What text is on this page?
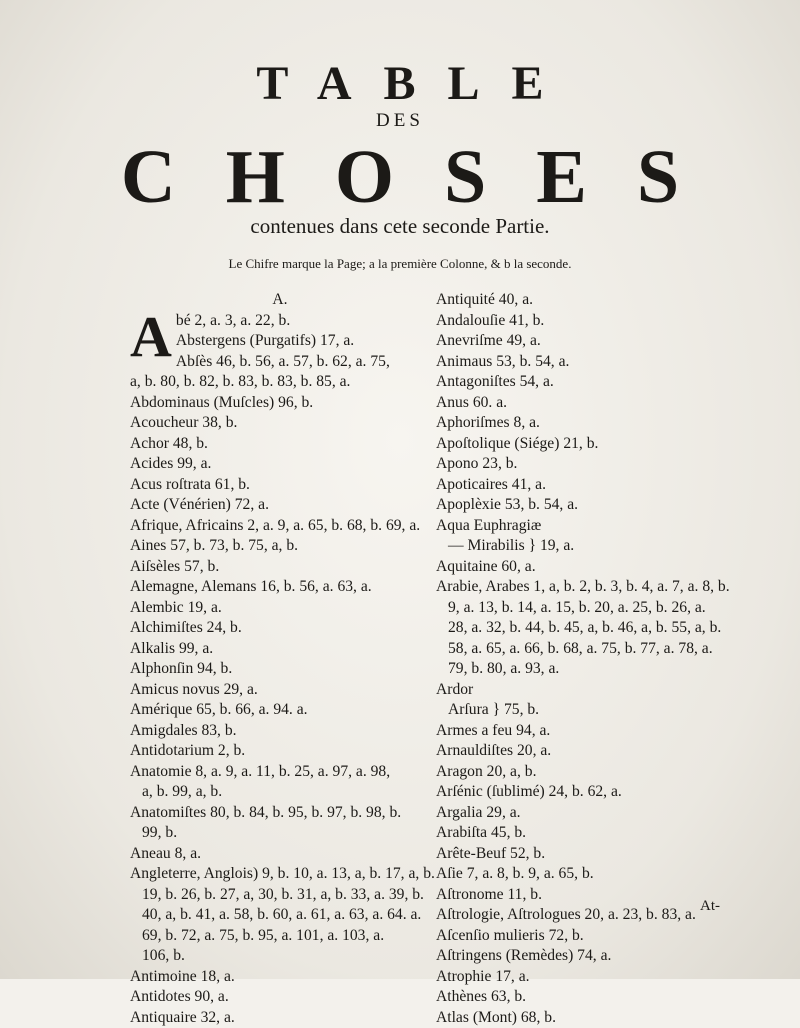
TABLE
DES
CHOSES
contenues dans cete seconde Partie.
Le Chifre marque la Page; a la première Colonne, & b la seconde.
A.
A bé 2, a. 3, a. 22, b.
Abstergens (Purgatifs) 17, a.
Abſès 46, b. 56, a. 57, b. 62, a. 75,
a, b. 80, b. 82, b. 83, b. 83, b. 85, a.
Abdominaus (Muſcles) 96, b.
Acoucheur 38, b.
Achor 48, b.
Acides 99, a.
Acus roſtrata 61, b.
Acte (Vénérien) 72, a.
Afrique, Africains 2, a. 9, a. 65, b. 68, b. 69, a.
Aines 57, b. 73, b. 75, a, b.
Aiſsèles 57, b.
Alemagne, Alemans 16, b. 56, a. 63, a.
Alembic 19, a.
Alchimiſtes 24, b.
Alkalis 99, a.
Alphonſin 94, b.
Amicus novus 29, a.
Amérique 65, b. 66, a. 94. a.
Amigdales 83, b.
Antidotarium 2, b.
Anatomie 8, a. 9, a. 11, b. 25, a. 97, a. 98,
a, b. 99, a, b.
Anatomiſtes 80, b. 84, b. 95, b. 97, b. 98, b.
99, b.
Aneau 8, a.
Angleterre, Anglois) 9, b. 10, a. 13, a, b. 17, a, b.
19, b. 26, b. 27, a, 30, b. 31, a, b. 33, a. 39, b.
40, a, b. 41, a. 58, b. 60, a. 61, a. 63, a. 64. a.
69, b. 72, a. 75, b. 95, a. 101, a. 103, a.
106, b.
Antimoine 18, a.
Antidotes 90, a.
Antiquaire 32, a.
Antiquité 40, a.
Andalouſie 41, b.
Anevriſme 49, a.
Animaus 53, b. 54, a.
Antagoniſtes 54, a.
Anus 60. a.
Aphoriſmes 8, a.
Apoſtolique (Siége) 21, b.
Apono 23, b.
Apoticaires 41, a.
Apoplèxie 53, b. 54, a.
Aqua Euphragiæ
— Mirabilis } 19, a.
Aquitaine 60, a.
Arabie, Arabes 1, a, b. 2, b. 3, b. 4, a. 7, a. 8, b.
9, a. 13, b. 14, a. 15, b. 20, a. 25, b. 26, a.
28, a. 32, b. 44, b. 45, a, b. 46, a, b. 55, a, b.
58, a. 65, a. 66, b. 68, a. 75, b. 77, a. 78, a.
79, b. 80, a. 93, a.
Ardor
Arſura } 75, b.
Armes a feu 94, a.
Arnauldiſtes 20, a.
Aragon 20, a, b.
Arſénic (ſublimé) 24, b. 62, a.
Argalia 29, a.
Arabiſta 45, b.
Arête-Beuf 52, b.
Aſie 7, a. 8, b. 9, a. 65, b.
Aſtronome 11, b.
Aſtrologie, Aſtrologues 20, a. 23, b. 83, a.
Aſcenſio mulieris 72, b.
Aſtringens (Remèdes) 74, a.
Atrophie 17, a.
Athènes 63, b.
Atlas (Mont) 68, b.
At-
